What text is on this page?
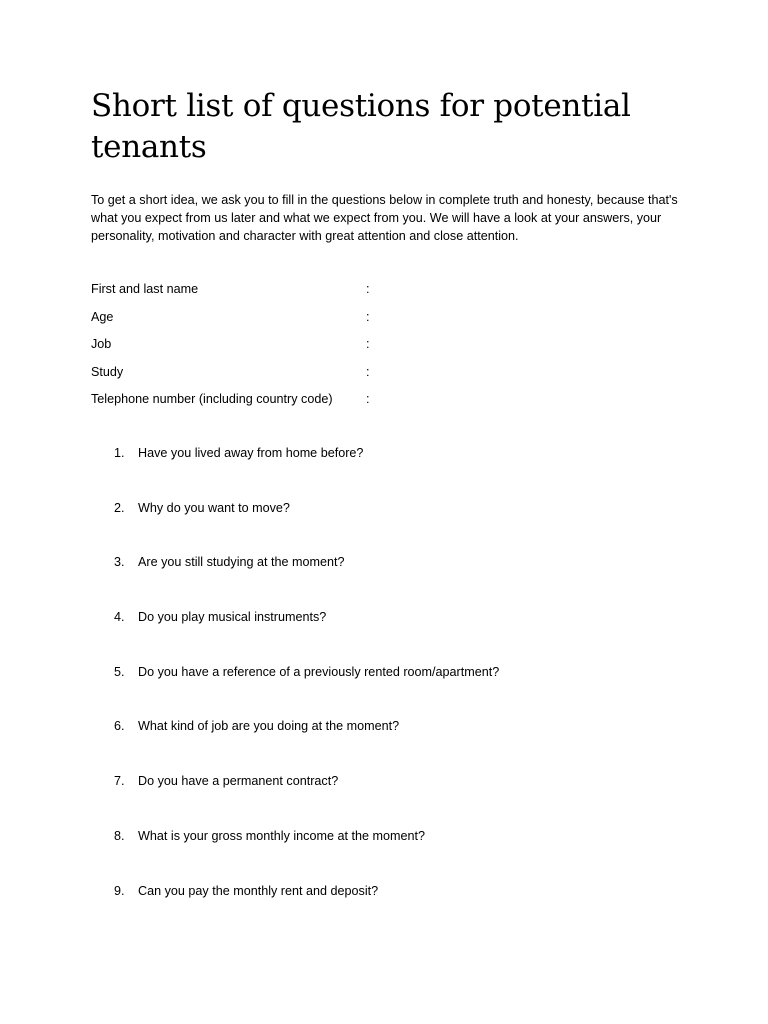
Short list of questions for potential tenants

To get a short idea, we ask you to fill in the questions below in complete truth and honesty, because that's what you expect from us later and what we expect from you. We will have a look at your answers, your personality, motivation and character with great attention and close attention.

First and last name	:
Age	:
Job	:
Study	:
Telephone number (including country code)	:
1. Have you lived away from home before?
2. Why do you want to move?
3. Are you still studying at the moment?
4. Do you play musical instruments?
5. Do you have a reference of a previously rented room/apartment?
6. What kind of job are you doing at the moment?
7. Do you have a permanent contract?
8. What is your gross monthly income at the moment?
9. Can you pay the monthly rent and deposit?
